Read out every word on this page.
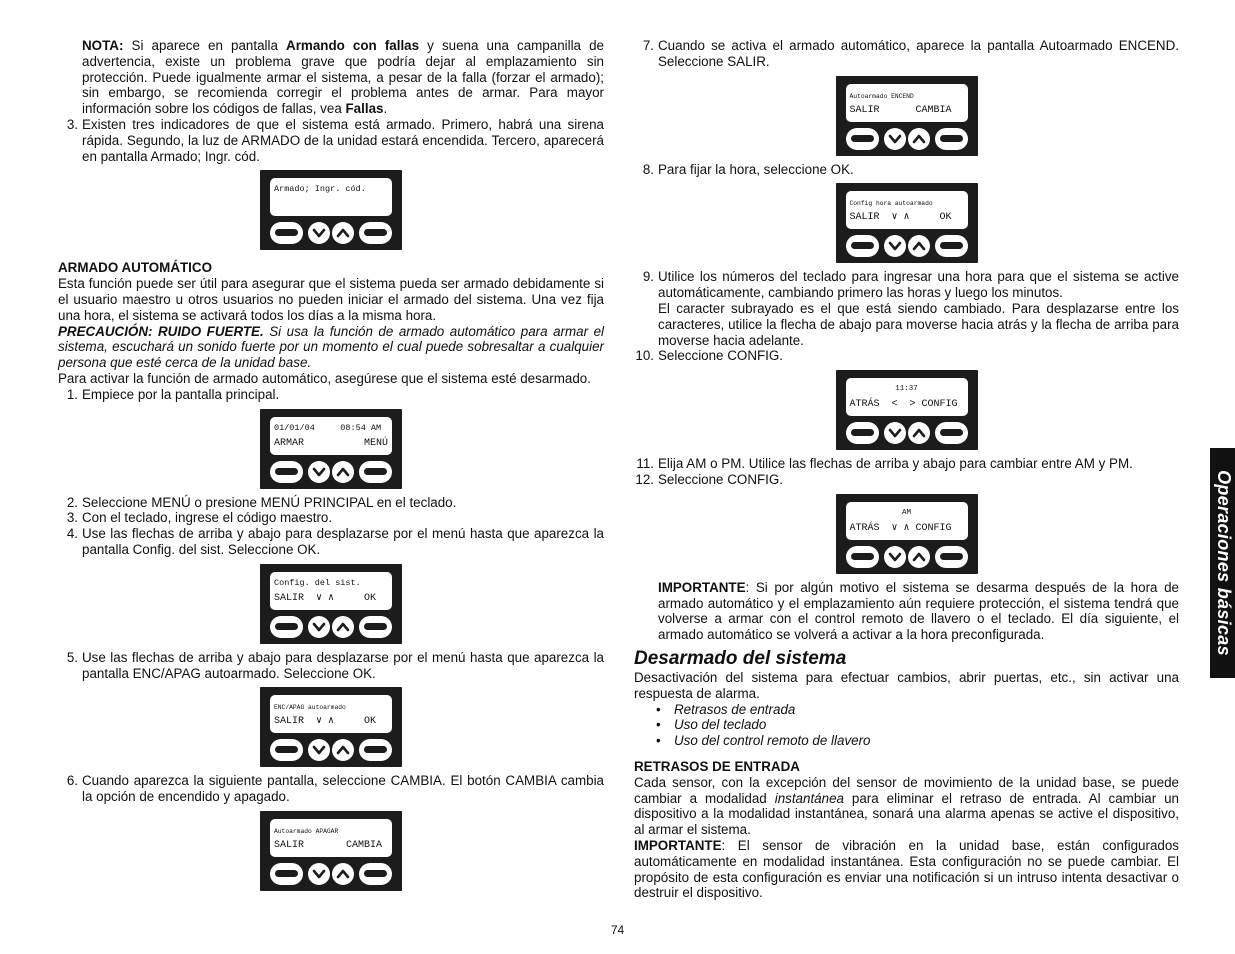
NOTA: Si aparece en pantalla Armando con fallas y suena una campanilla de advertencia, existe un problema grave que podría dejar al emplazamiento sin protección. Puede igualmente armar el sistema, a pesar de la falla (forzar el armado); sin embargo, se recomienda corregir el problema antes de armar. Para mayor información sobre los códigos de fallas, vea Fallas.

3. Existen tres indicadores de que el sistema está armado. Primero, habrá una sirena rápida. Segundo, la luz de ARMADO de la unidad estará encendida. Tercero, aparecerá en pantalla Armado; Ingr. cód.
Armado; Ingr. cód.

ARMADO AUTOMÁTICO

Esta función puede ser útil para asegurar que el sistema pueda ser armado debidamente si el usuario maestro u otros usuarios no pueden iniciar el armado del sistema. Una vez fija una hora, el sistema se activará todos los días a la misma hora.

PRECAUCIÓN: RUIDO FUERTE. Si usa la función de armado automático para armar el sistema, escuchará un sonido fuerte por un momento el cual puede sobresaltar a cualquier persona que esté cerca de la unidad base.

Para activar la función de armado automático, asegúrese que el sistema esté desarmado.

1. Empiece por la pantalla principal.
01/01/04     08:54 AM
ARMAR          MENÚ
2. Seleccione MENÚ o presione MENÚ PRINCIPAL en el teclado.
3. Con el teclado, ingrese el código maestro.
4. Use las flechas de arriba y abajo para desplazarse por el menú hasta que aparezca la pantalla Config. del sist. Seleccione OK.
Config. del sist.
SALIR  ∨ ∧     OK
5. Use las flechas de arriba y abajo para desplazarse por el menú hasta que aparezca la pantalla ENC/APAG autoarmado. Seleccione OK.
ENC/APAG autoarmado
SALIR  ∨ ∧     OK
6. Cuando aparezca la siguiente pantalla, seleccione CAMBIA. El botón CAMBIA cambia la opción de encendido y apagado.
Autoarmado APAGAR
SALIR       CAMBIA
7. Cuando se activa el armado automático, aparece la pantalla Autoarmado ENCEND. Seleccione SALIR.
Autoarmado ENCEND
SALIR      CAMBIA
8. Para fijar la hora, seleccione OK.
Config hora autoarmado
SALIR  ∨ ∧     OK
9. Utilice los números del teclado para ingresar una hora para que el sistema se active automáticamente, cambiando primero las horas y luego los minutos.

El caracter subrayado es el que está siendo cambiado. Para desplazarse entre los caracteres, utilice la flecha de abajo para moverse hacia atrás y la flecha de arriba para moverse hacia adelante.

10. Seleccione CONFIG.
11:37
ATRÁS  <  > CONFIG
11. Elija AM o PM. Utilice las flechas de arriba y abajo para cambiar entre AM y PM.
12. Seleccione CONFIG.
AM
ATRÁS  ∨ ∧ CONFIG

IMPORTANTE: Si por algún motivo el sistema se desarma después de la hora de armado automático y el emplazamiento aún requiere protección, el sistema tendrá que volverse a armar con el control remoto de llavero o el teclado. El día siguiente, el armado automático se volverá a activar a la hora preconfigurada.

Desarmado del sistema

Desactivación del sistema para efectuar cambios, abrir puertas, etc., sin activar una respuesta de alarma.

• Retrasos de entrada
• Uso del teclado
• Uso del control remoto de llavero

RETRASOS DE ENTRADA

Cada sensor, con la excepción del sensor de movimiento de la unidad base, se puede cambiar a modalidad instantánea para eliminar el retraso de entrada. Al cambiar un dispositivo a la modalidad instantánea, sonará una alarma apenas se active el dispositivo, al armar el sistema.

IMPORTANTE: El sensor de vibración en la unidad base, están configurados automáticamente en modalidad instantánea. Esta configuración no se puede cambiar. El propósito de esta configuración es enviar una notificación si un intruso intenta desactivar o destruir el dispositivo.

Operaciones básicas
74
